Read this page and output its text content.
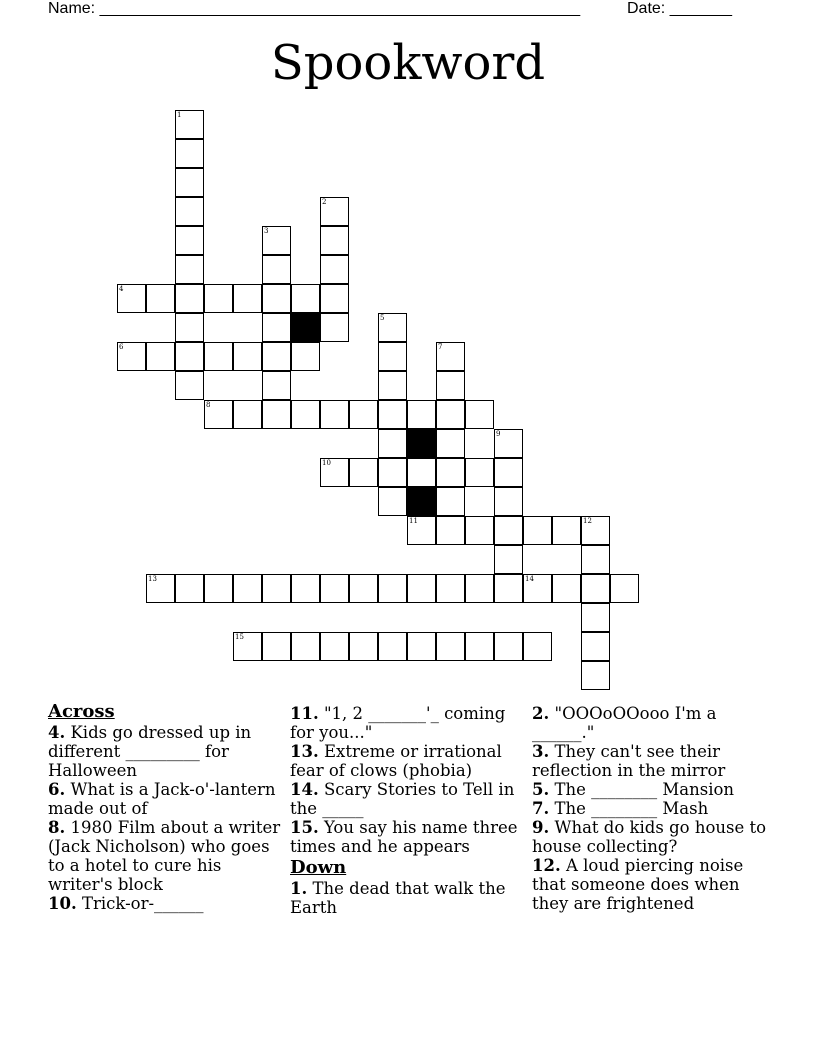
Name: ______________________________________________________	Date: _______
Spookword
1
2
3
4
5
6	7
8
9
10
11	12
13	14
15
Across
4. Kids go dressed up in different _________ for Halloween
6. What is a Jack-o'-lantern made out of
8. 1980 Film about a writer (Jack Nicholson) who goes to a hotel to cure his writer's block
10. Trick-or-______
11. "1, 2 _______'_ coming for you..."
13. Extreme or irrational fear of clows (phobia)
14. Scary Stories to Tell in the _____
15. You say his name three times and he appears
Down
1. The dead that walk the Earth
2. "OOOoOOooo I'm a ______."
3. They can't see their reflection in the mirror
5. The ________ Mansion
7. The ________ Mash
9. What do kids go house to house collecting?
12. A loud piercing noise that someone does when they are frightened
